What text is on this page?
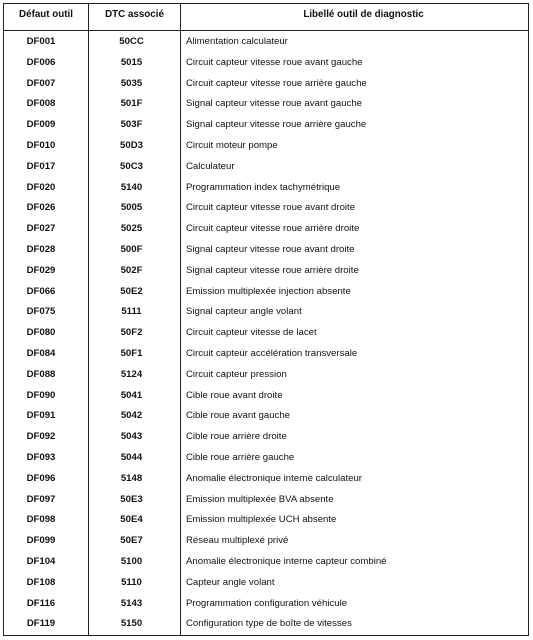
Défaut outil	DTC associé	Libellé outil de diagnostic
DF001	50CC	Alimentation calculateur
DF006	5015	Circuit capteur vitesse roue avant gauche
DF007	5035	Circuit capteur vitesse roue arrière gauche
DF008	501F	Signal capteur vitesse roue avant gauche
DF009	503F	Signal capteur vitesse roue arrière gauche
DF010	50D3	Circuit moteur pompe
DF017	50C3	Calculateur
DF020	5140	Programmation index tachymétrique
DF026	5005	Circuit capteur vitesse roue avant droite
DF027	5025	Circuit capteur vitesse roue arrière droite
DF028	500F	Signal capteur vitesse roue avant droite
DF029	502F	Signal capteur vitesse roue arrière droite
DF066	50E2	Emission multiplexée injection absente
DF075	5111	Signal capteur angle volant
DF080	50F2	Circuit capteur vitesse de lacet
DF084	50F1	Circuit capteur accélération transversale
DF088	5124	Circuit capteur pression
DF090	5041	Cible roue avant droite
DF091	5042	Cible roue avant gauche
DF092	5043	Cible roue arrière droite
DF093	5044	Cible roue arrière gauche
DF096	5148	Anomalie électronique interne calculateur
DF097	50E3	Emission multiplexée BVA absente
DF098	50E4	Emission multiplexée UCH absente
DF099	50E7	Réseau multiplexé privé
DF104	5100	Anomalie électronique interne capteur combiné
DF108	5110	Capteur angle volant
DF116	5143	Programmation configuration véhicule
DF119	5150	Configuration type de boîte de vitesses
